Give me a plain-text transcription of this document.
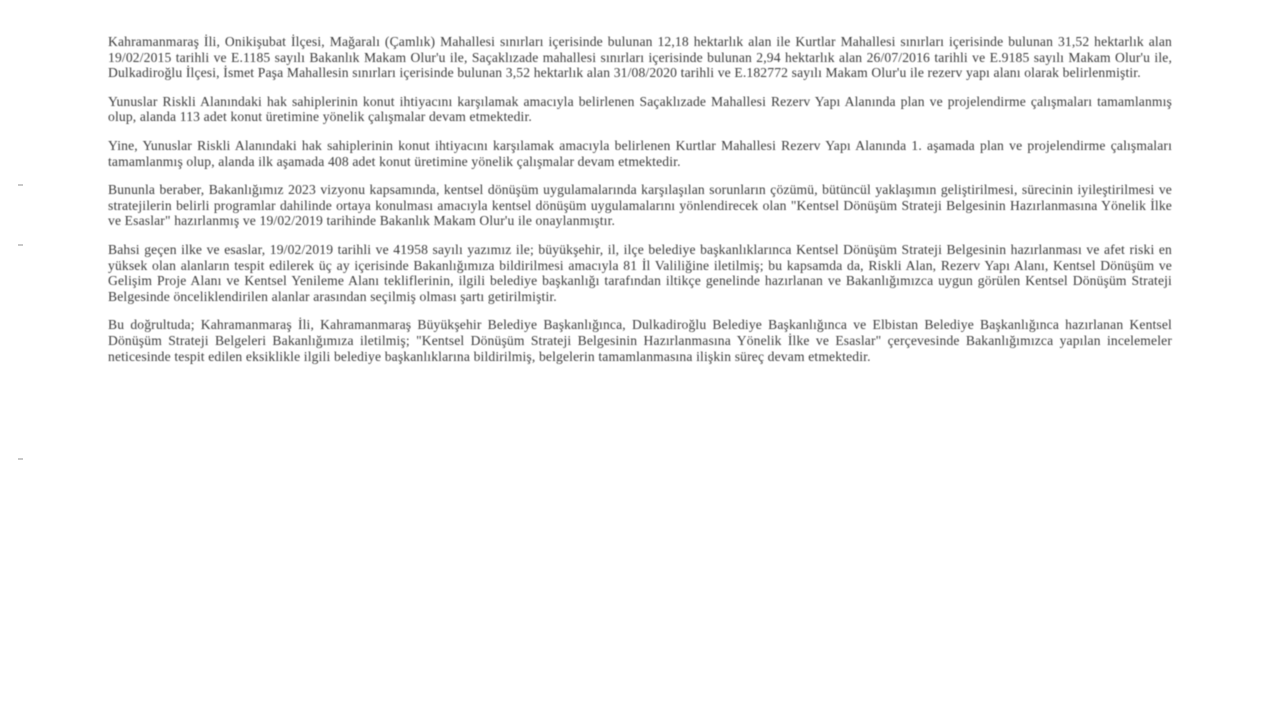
Kahramanmaraş İli, Onikişubat İlçesi, Mağaralı (Çamlık) Mahallesi sınırları içerisinde bulunan 12,18 hektarlık alan ile Kurtlar Mahallesi sınırları içerisinde bulunan 31,52 hektarlık alan 19/02/2015 tarihli ve E.1185 sayılı Bakanlık Makam Olur'u ile, Saçaklızade mahallesi sınırları içerisinde bulunan 2,94 hektarlık alan 26/07/2016 tarihli ve E.9185 sayılı Makam Olur'u ile, Dulkadiroğlu İlçesi, İsmet Paşa Mahallesin sınırları içerisinde bulunan 3,52 hektarlık alan 31/08/2020 tarihli ve E.182772 sayılı Makam Olur'u ile rezerv yapı alanı olarak belirlenmiştir.

Yunuslar Riskli Alanındaki hak sahiplerinin konut ihtiyacını karşılamak amacıyla belirlenen Saçaklızade Mahallesi Rezerv Yapı Alanında plan ve projelendirme çalışmaları tamamlanmış olup, alanda 113 adet konut üretimine yönelik çalışmalar devam etmektedir.

Yine, Yunuslar Riskli Alanındaki hak sahiplerinin konut ihtiyacını karşılamak amacıyla belirlenen Kurtlar Mahallesi Rezerv Yapı Alanında 1. aşamada plan ve projelendirme çalışmaları tamamlanmış olup, alanda ilk aşamada 408 adet konut üretimine yönelik çalışmalar devam etmektedir.

Bununla beraber, Bakanlığımız 2023 vizyonu kapsamında, kentsel dönüşüm uygulamalarında karşılaşılan sorunların çözümü, bütüncül yaklaşımın geliştirilmesi, sürecinin iyileştirilmesi ve stratejilerin belirli programlar dahilinde ortaya konulması amacıyla kentsel dönüşüm uygulamalarını yönlendirecek olan "Kentsel Dönüşüm Strateji Belgesinin Hazırlanmasına Yönelik İlke ve Esaslar" hazırlanmış ve 19/02/2019 tarihinde Bakanlık Makam Olur'u ile onaylanmıştır.

Bahsi geçen ilke ve esaslar, 19/02/2019 tarihli ve 41958 sayılı yazımız ile; büyükşehir, il, ilçe belediye başkanlıklarınca Kentsel Dönüşüm Strateji Belgesinin hazırlanması ve afet riski en yüksek olan alanların tespit edilerek üç ay içerisinde Bakanlığımıza bildirilmesi amacıyla 81 İl Valiliğine iletilmiş; bu kapsamda da, Riskli Alan, Rezerv Yapı Alanı, Kentsel Dönüşüm ve Gelişim Proje Alanı ve Kentsel Yenileme Alanı tekliflerinin, ilgili belediye başkanlığı tarafından iltikçe genelinde hazırlanan ve Bakanlığımızca uygun görülen Kentsel Dönüşüm Strateji Belgesinde önceliklendirilen alanlar arasından seçilmiş olması şartı getirilmiştir.

Bu doğrultuda; Kahramanmaraş İli, Kahramanmaraş Büyükşehir Belediye Başkanlığınca, Dulkadiroğlu Belediye Başkanlığınca ve Elbistan Belediye Başkanlığınca hazırlanan Kentsel Dönüşüm Strateji Belgeleri Bakanlığımıza iletilmiş; "Kentsel Dönüşüm Strateji Belgesinin Hazırlanmasına Yönelik İlke ve Esaslar" çerçevesinde Bakanlığımızca yapılan incelemeler neticesinde tespit edilen eksiklikle ilgili belediye başkanlıklarına bildirilmiş, belgelerin tamamlanmasına ilişkin süreç devam etmektedir.
